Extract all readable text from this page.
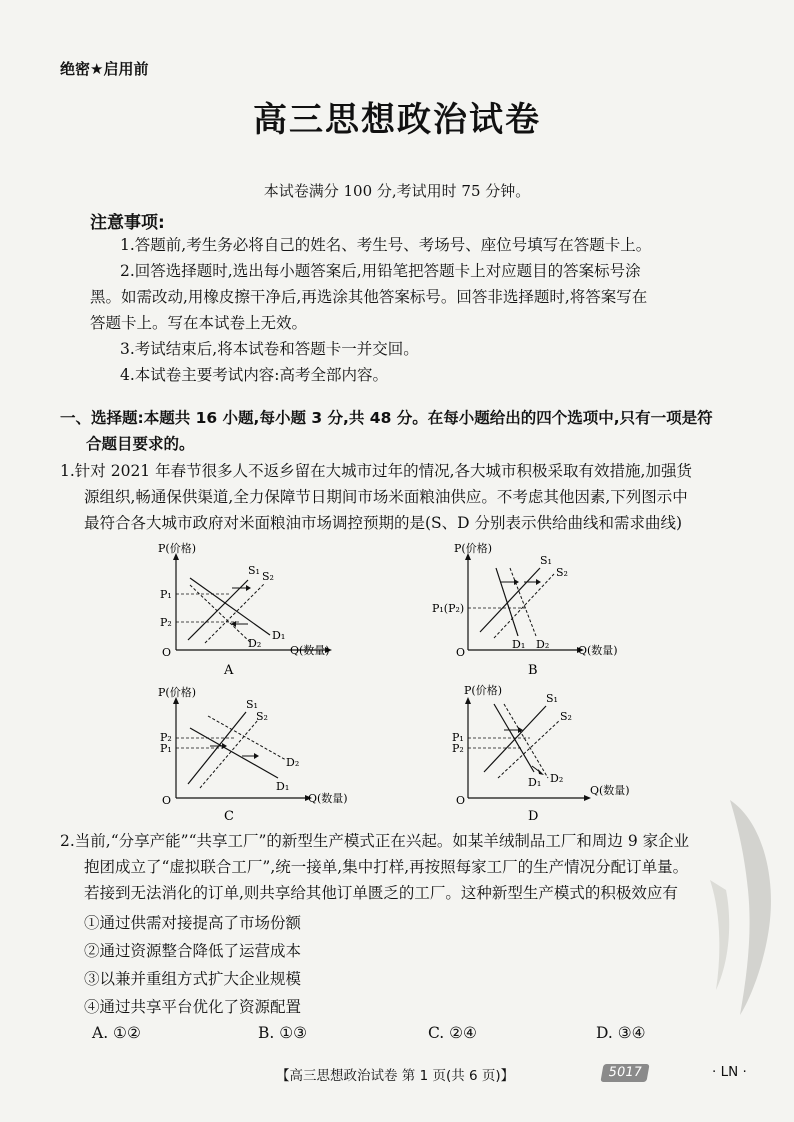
绝密★启用前
高三思想政治试卷
本试卷满分 100 分,考试用时 75 分钟。
注意事项:
1.答题前,考生务必将自己的姓名、考生号、考场号、座位号填写在答题卡上。
2.回答选择题时,选出每小题答案后,用铅笔把答题卡上对应题目的答案标号涂
黑。如需改动,用橡皮擦干净后,再选涂其他答案标号。回答非选择题时,将答案写在
答题卡上。写在本试卷上无效。
3.考试结束后,将本试卷和答题卡一并交回。
4.本试卷主要考试内容:高考全部内容。
一、选择题:本题共 16 小题,每小题 3 分,共 48 分。在每小题给出的四个选项中,只有一项是符
合题目要求的。
1.针对 2021 年春节很多人不返乡留在大城市过年的情况,各大城市积极采取有效措施,加强货
源组织,畅通保供渠道,全力保障节日期间市场米面粮油供应。不考虑其他因素,下列图示中
最符合各大城市政府对米面粮油市场调控预期的是(S、D 分别表示供给曲线和需求曲线)
P(价格)
Q(数量)
O
P₁
P₂
S₁ S₂
D₁
D₂
A
P(价格)
Q(数量)
O
P₁(P₂)
S₁
S₂
D₁ D₂
B
P(价格)
Q(数量)
O
P₂
P₁
S₁
S₂
D₂
D₁
C
P(价格)
Q(数量)
O
P₁
P₂
S₁
S₂
D₁ D₂
D
2.当前,“分享产能”“共享工厂”的新型生产模式正在兴起。如某羊绒制品工厂和周边 9 家企业
抱团成立了“虚拟联合工厂”,统一接单,集中打样,再按照每家工厂的生产情况分配订单量。
若接到无法消化的订单,则共享给其他订单匮乏的工厂。这种新型生产模式的积极效应有
①通过供需对接提高了市场份额
②通过资源整合降低了运营成本
③以兼并重组方式扩大企业规模
④通过共享平台优化了资源配置
A. ①②	B. ①③	C. ②④	D. ③④
【高三思想政治试卷 第 1 页(共 6 页)】	5017	· LN ·
